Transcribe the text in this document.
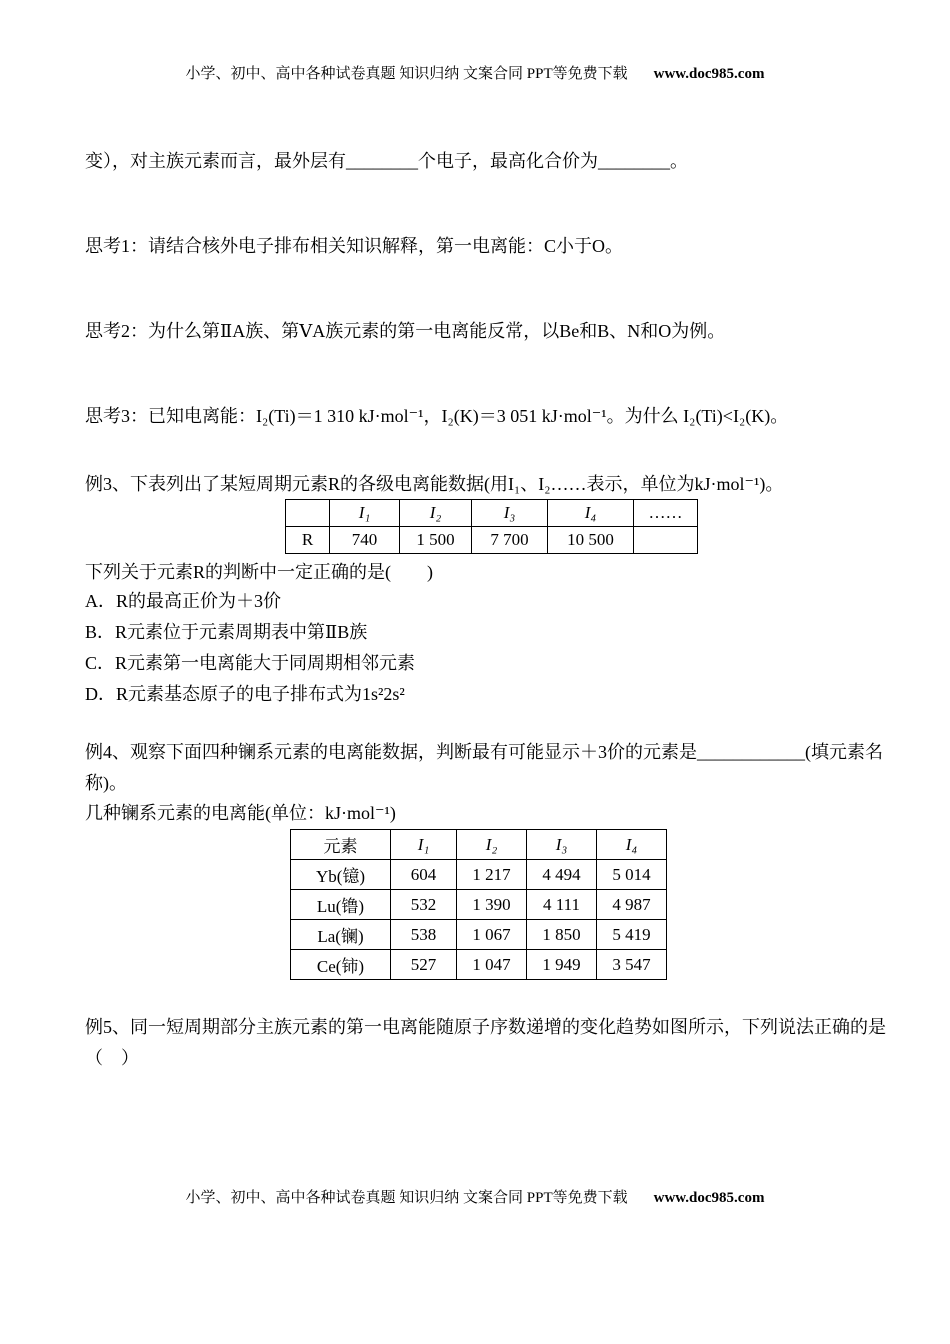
小学、初中、高中各种试卷真题 知识归纳 文案合同 PPT等免费下载 www.doc985.com
变），对主族元素而言，最外层有________个电子，最高化合价为________。
思考1：请结合核外电子排布相关知识解释，第一电离能：C小于O。
思考2：为什么第ⅡA族、第ⅤA族元素的第一电离能反常，以Be和B、N和O为例。
思考3：已知电离能：I₂(Ti)＝1 310 kJ·mol⁻¹，I₂(K)＝3 051 kJ·mol⁻¹。为什么 I₂(Ti)<I₂(K)。
例3、下表列出了某短周期元素R的各级电离能数据(用I₁、I₂……表示，单位为kJ·mol⁻¹)。
	I₁	I₂	I₃	I₄	……
R	740	1 500	7 700	10 500	
下列关于元素R的判断中一定正确的是(　　)
A．R的最高正价为＋3价
B．R元素位于元素周期表中第ⅡB族
C．R元素第一电离能大于同周期相邻元素
D．R元素基态原子的电子排布式为1s²2s²
例4、观察下面四种镧系元素的电离能数据，判断最有可能显示＋3价的元素是____________(填元素名称)。
几种镧系元素的电离能(单位：kJ·mol⁻¹)
元素	I₁	I₂	I₃	I₄
Yb(镱)	604	1 217	4 494	5 014
Lu(镥)	532	1 390	4 111	4 987
La(镧)	538	1 067	1 850	5 419
Ce(铈)	527	1 047	1 949	3 547
例5、同一短周期部分主族元素的第一电离能随原子序数递增的变化趋势如图所示，下列说法正确的是（　）
小学、初中、高中各种试卷真题 知识归纳 文案合同 PPT等免费下载 www.doc985.com
